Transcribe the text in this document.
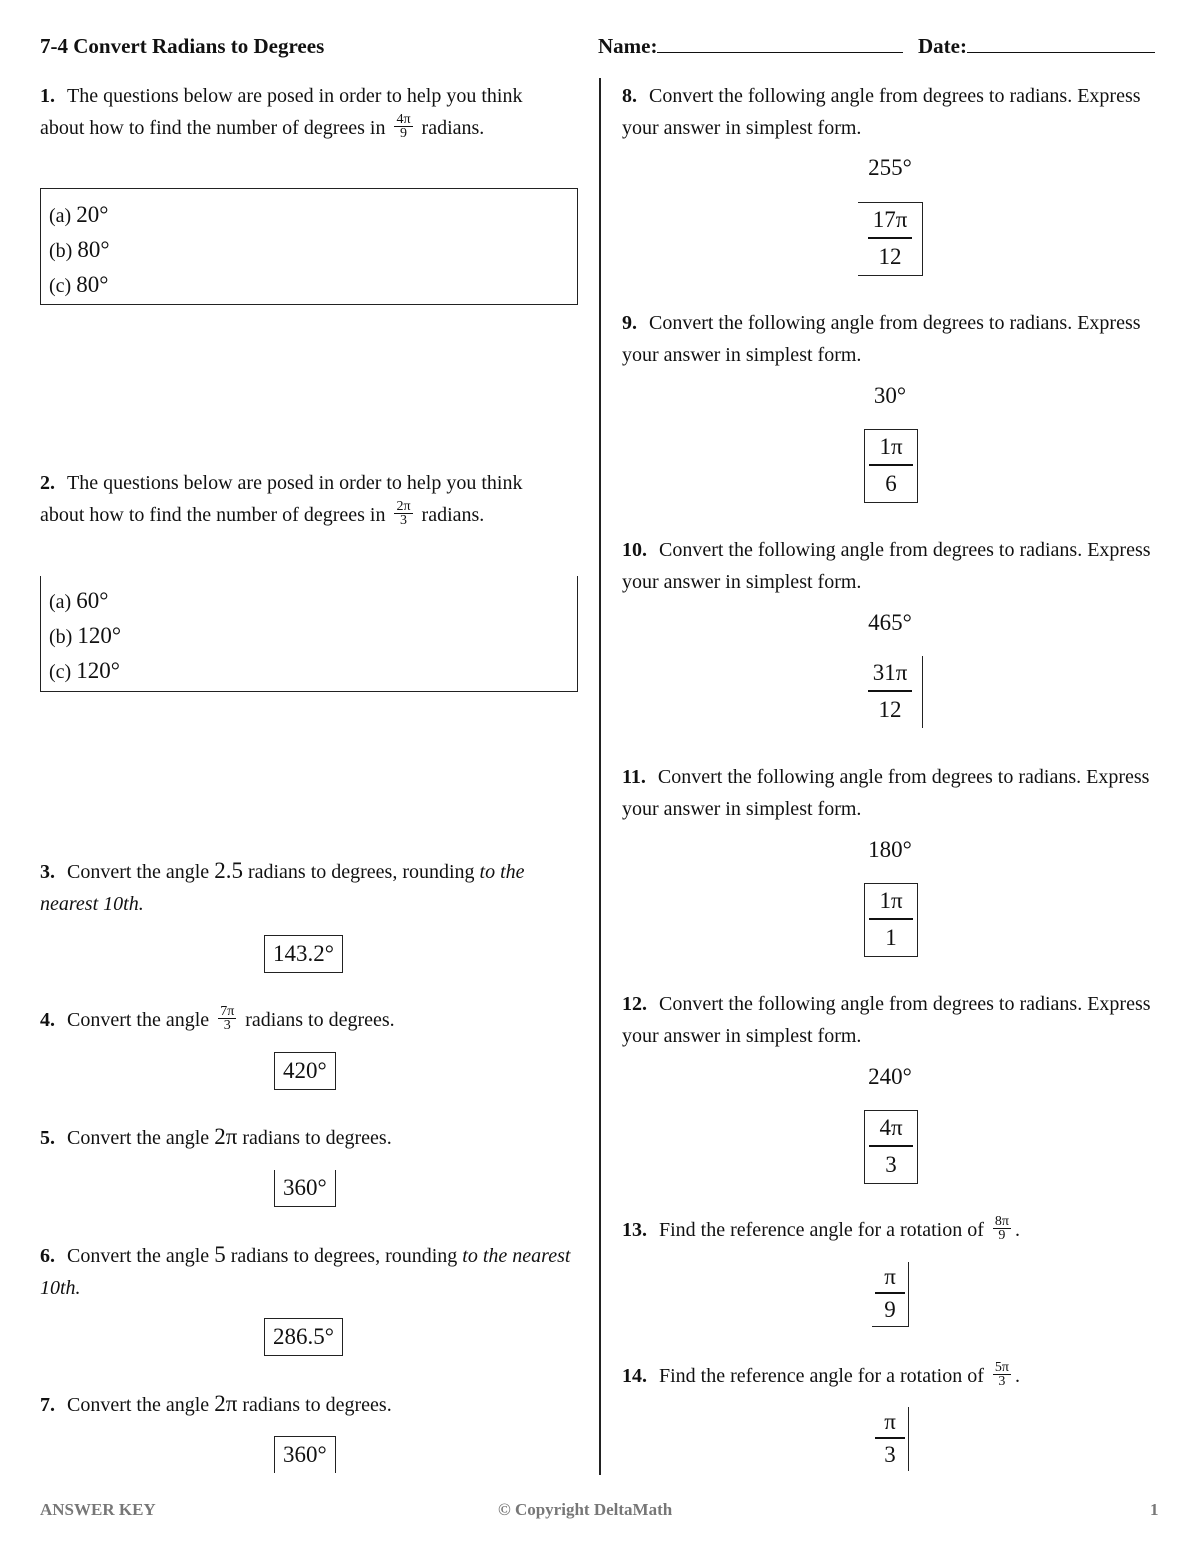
7-4 Convert Radians to Degrees	Name:	Date:
1. The questions below are posed in order to help you think about how to find the number of degrees in $\frac{4\pi}{9}$ radians.
(a) 20°
(b) 80°
(c) 80°
2. The questions below are posed in order to help you think about how to find the number of degrees in $\frac{2\pi}{3}$ radians.
(a) 60°
(b) 120°
(c) 120°
3. Convert the angle 2.5 radians to degrees, rounding to the nearest 10th.
143.2°
4. Convert the angle $\frac{7\pi}{3}$ radians to degrees.
420°
5. Convert the angle 2π radians to degrees.
360°
6. Convert the angle 5 radians to degrees, rounding to the nearest 10th.
286.5°
7. Convert the angle 2π radians to degrees.
360°
8. Convert the following angle from degrees to radians. Express your answer in simplest form.
255°
17π
12
9. Convert the following angle from degrees to radians. Express your answer in simplest form.
30°
1π
6
10. Convert the following angle from degrees to radians. Express your answer in simplest form.
465°
31π
12
11. Convert the following angle from degrees to radians. Express your answer in simplest form.
180°
1π
1
12. Convert the following angle from degrees to radians. Express your answer in simplest form.
240°
4π
3
13. Find the reference angle for a rotation of $\frac{8\pi}{9}$ .
π
9
14. Find the reference angle for a rotation of $\frac{5\pi}{3}$ .
π
3
ANSWER KEY	© Copyright DeltaMath	1
